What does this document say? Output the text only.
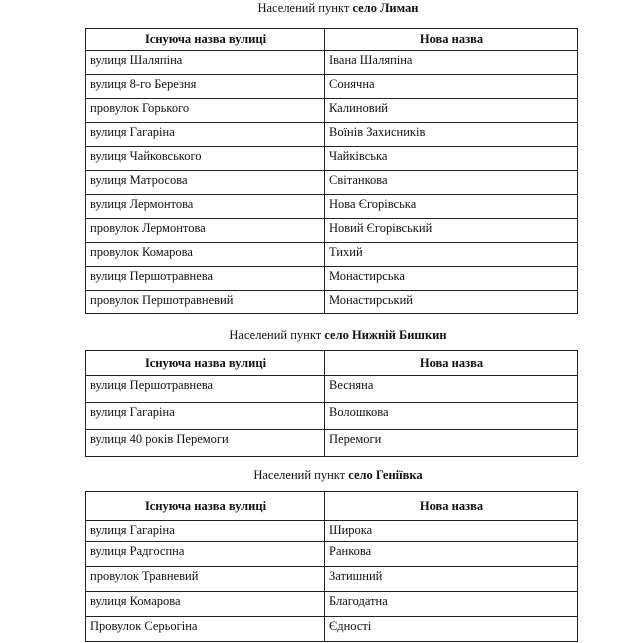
Населений пункт село Лиман
Існуюча назва вулиці	Нова назва
вулиця Шаляпіна	Івана Шаляпіна
вулиця 8-го Березня	Сонячна
провулок Горького	Калиновий
вулиця Гагаріна	Воїнів Захисників
вулиця Чайковського	Чайківська
вулиця Матросова	Світанкова
вулиця Лермонтова	Нова Єгорівська
провулок Лермонтова	Новий Єгорівський
провулок Комарова	Тихий
вулиця Першотравнева	Монастирська
провулок Першотравневий	Монастирський
Населений пункт село Нижній Бишкин
Існуюча назва вулиці	Нова назва
вулиця Першотравнева	Весняна
вулиця Гагаріна	Волошкова
вулиця 40 років Перемоги	Перемоги
Населений пункт село Геніївка
Існуюча назва вулиці	Нова назва
вулиця Гагаріна	Широка
вулиця Радгоспна	Ранкова
провулок Травневий	Затишний
вулиця Комарова	Благодатна
Провулок Серьогіна	Єдності
